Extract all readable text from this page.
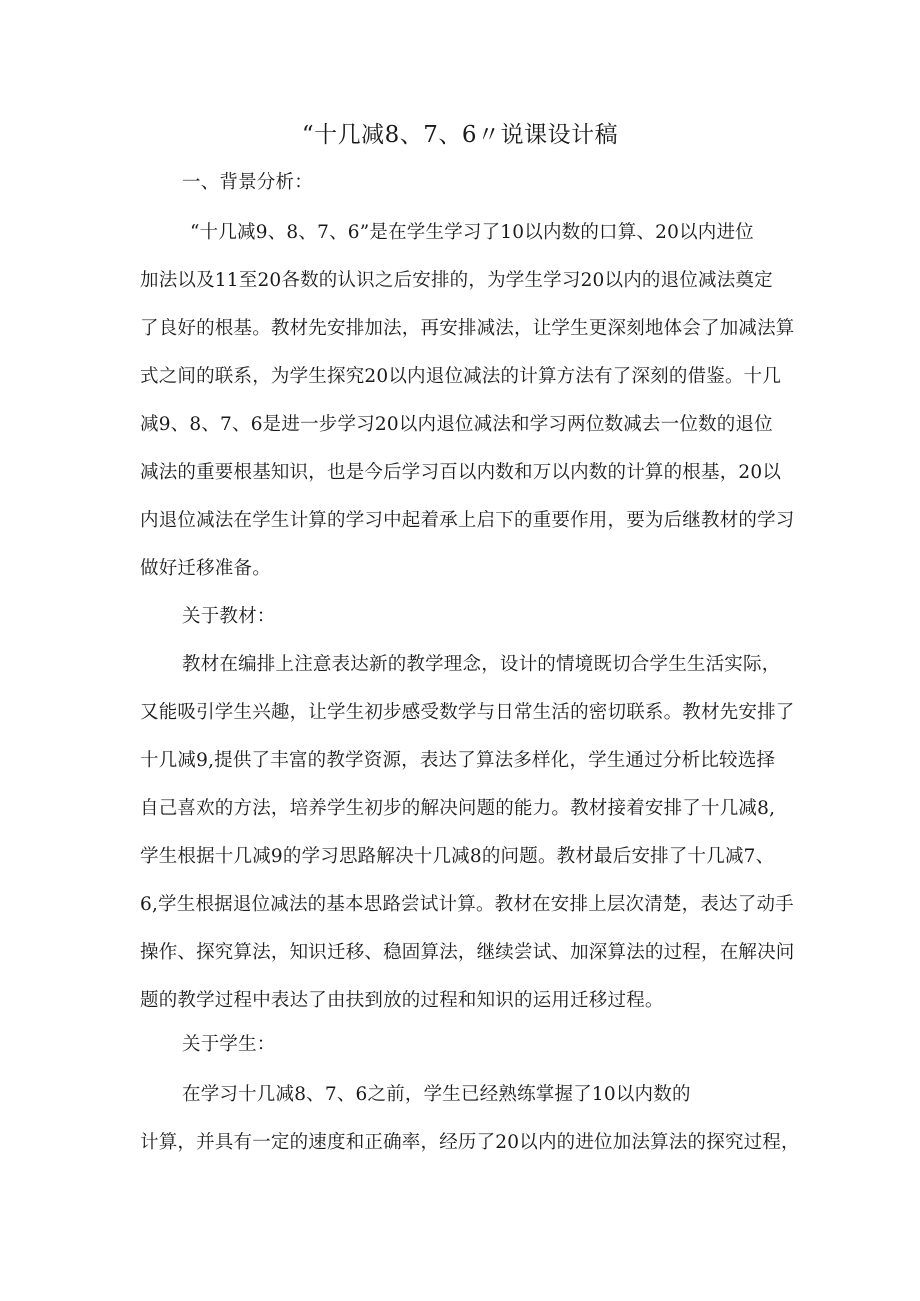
“十几减8、7、6〃说课设计稿
一、背景分析：
“十几减9、8、7、6”是在学生学习了10以内数的口算、20以内进位
加法以及11至20各数的认识之后安排的，为学生学习20以内的退位减法奠定
了良好的根基。教材先安排加法，再安排减法，让学生更深刻地体会了加减法算
式之间的联系，为学生探究20以内退位减法的计算方法有了深刻的借鉴。十几
减9、8、7、6是进一步学习20以内退位减法和学习两位数减去一位数的退位
减法的重要根基知识，也是今后学习百以内数和万以内数的计算的根基，20以
内退位减法在学生计算的学习中起着承上启下的重要作用，要为后继教材的学习
做好迁移准备。
关于教材：
教材在编排上注意表达新的教学理念，设计的情境既切合学生生活实际，
又能吸引学生兴趣，让学生初步感受数学与日常生活的密切联系。教材先安排了
十几减9,提供了丰富的教学资源，表达了算法多样化，学生通过分析比较选择
自己喜欢的方法，培养学生初步的解决问题的能力。教材接着安排了十几减8,
学生根据十几减9的学习思路解决十几减8的问题。教材最后安排了十几减7、
6,学生根据退位减法的基本思路尝试计算。教材在安排上层次清楚，表达了动手
操作、探究算法，知识迁移、稳固算法，继续尝试、加深算法的过程，在解决问
题的教学过程中表达了由扶到放的过程和知识的运用迁移过程。
关于学生：
在学习十几减8、7、6之前，学生已经熟练掌握了10以内数的
计算，并具有一定的速度和正确率，经历了20以内的进位加法算法的探究过程，
